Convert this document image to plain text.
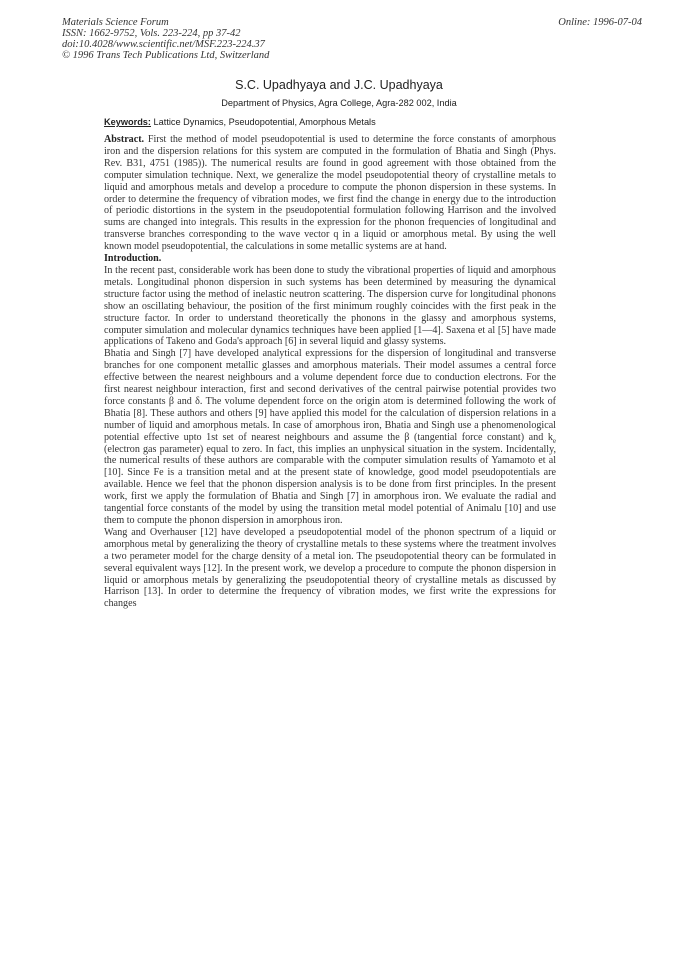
Materials Science Forum
ISSN: 1662-9752, Vols. 223-224, pp 37-42
doi:10.4028/www.scientific.net/MSF.223-224.37
© 1996 Trans Tech Publications Ltd, Switzerland
Online: 1996-07-04
S.C. Upadhyaya and J.C. Upadhyaya
Department of Physics, Agra College, Agra-282 002, India
Keywords: Lattice Dynamics, Pseudopotential, Amorphous Metals

Abstract. First the method of model pseudopotential is used to determine the force constants of amorphous iron and the dispersion relations for this system are computed in the formulation of Bhatia and Singh (Phys. Rev. B31, 4751 (1985)). The numerical results are found in good agreement with those obtained from the computer simulation technique. Next, we generalize the model pseudopotential theory of crystalline metals to liquid and amorphous metals and develop a procedure to compute the phonon dispersion in these systems. In order to determine the frequency of vibration modes, we first find the change in energy due to the introduction of periodic distortions in the system in the pseudopotential formulation following Harrison and the involved sums are changed into integrals. This results in the expression for the phonon frequencies of longitudinal and transverse branches corresponding to the wave vector q in a liquid or amorphous metal. By using the well known model pseudopotential, the calculations in some metallic systems are at hand.

Introduction.

In the recent past, considerable work has been done to study the vibrational properties of liquid and amorphous metals. Longitudinal phonon dispersion in such systems has been determined by measuring the dynamical structure factor using the method of inelastic neutron scattering. The dispersion curve for longitudinal phonons show an oscillating behaviour, the position of the first minimum roughly coincides with the first peak in the structure factor. In order to understand theoretically the phonons in the glassy and amorphous systems, computer simulation and molecular dynamics techniques have been applied [1—4]. Saxena et al [5] have made applications of Takeno and Goda's approach [6] in several liquid and glassy systems.

Bhatia and Singh [7] have developed analytical expressions for the dispersion of longitudinal and transverse branches for one component metallic glasses and amorphous materials. Their model assumes a central force effective between the nearest neighbours and a volume dependent force due to conduction electrons. For the first nearest neighbour interaction, first and second derivatives of the central pairwise potential provides two force constants β and δ. The volume dependent force on the origin atom is determined following the work of Bhatia [8]. These authors and others [9] have applied this model for the calculation of dispersion relations in a number of liquid and amorphous metals. In case of amorphous iron, Bhatia and Singh use a phenomenological potential effective upto 1st set of nearest neighbours and assume the β (tangential force constant) and $k_e$ (electron gas parameter) equal to zero. In fact, this implies an unphysical situation in the system. Incidentally, the numerical results of these authors are comparable with the computer simulation results of Yamamoto et al [10]. Since Fe is a transition metal and at the present state of knowledge, good model pseudopotentials are available. Hence we feel that the phonon dispersion analysis is to be done from first principles. In the present work, first we apply the formulation of Bhatia and Singh [7] in amorphous iron. We evaluate the radial and tangential force constants of the model by using the transition metal model potential of Animalu [10] and use them to compute the phonon dispersion in amorphous iron.

Wang and Overhauser [12] have developed a pseudopotential model of the phonon spectrum of a liquid or amorphous metal by generalizing the theory of crystalline metals to these systems where the treatment involves a two perameter model for the charge density of a metal ion. The pseudopotential theory can be formulated in several equivalent ways [12]. In the present work, we develop a procedure to compute the phonon dispersion in liquid or amorphous metals by generalizing the pseudopotential theory of crystalline metals as discussed by Harrison [13]. In order to determine the frequency of vibration modes, we first write the expressions for changes
